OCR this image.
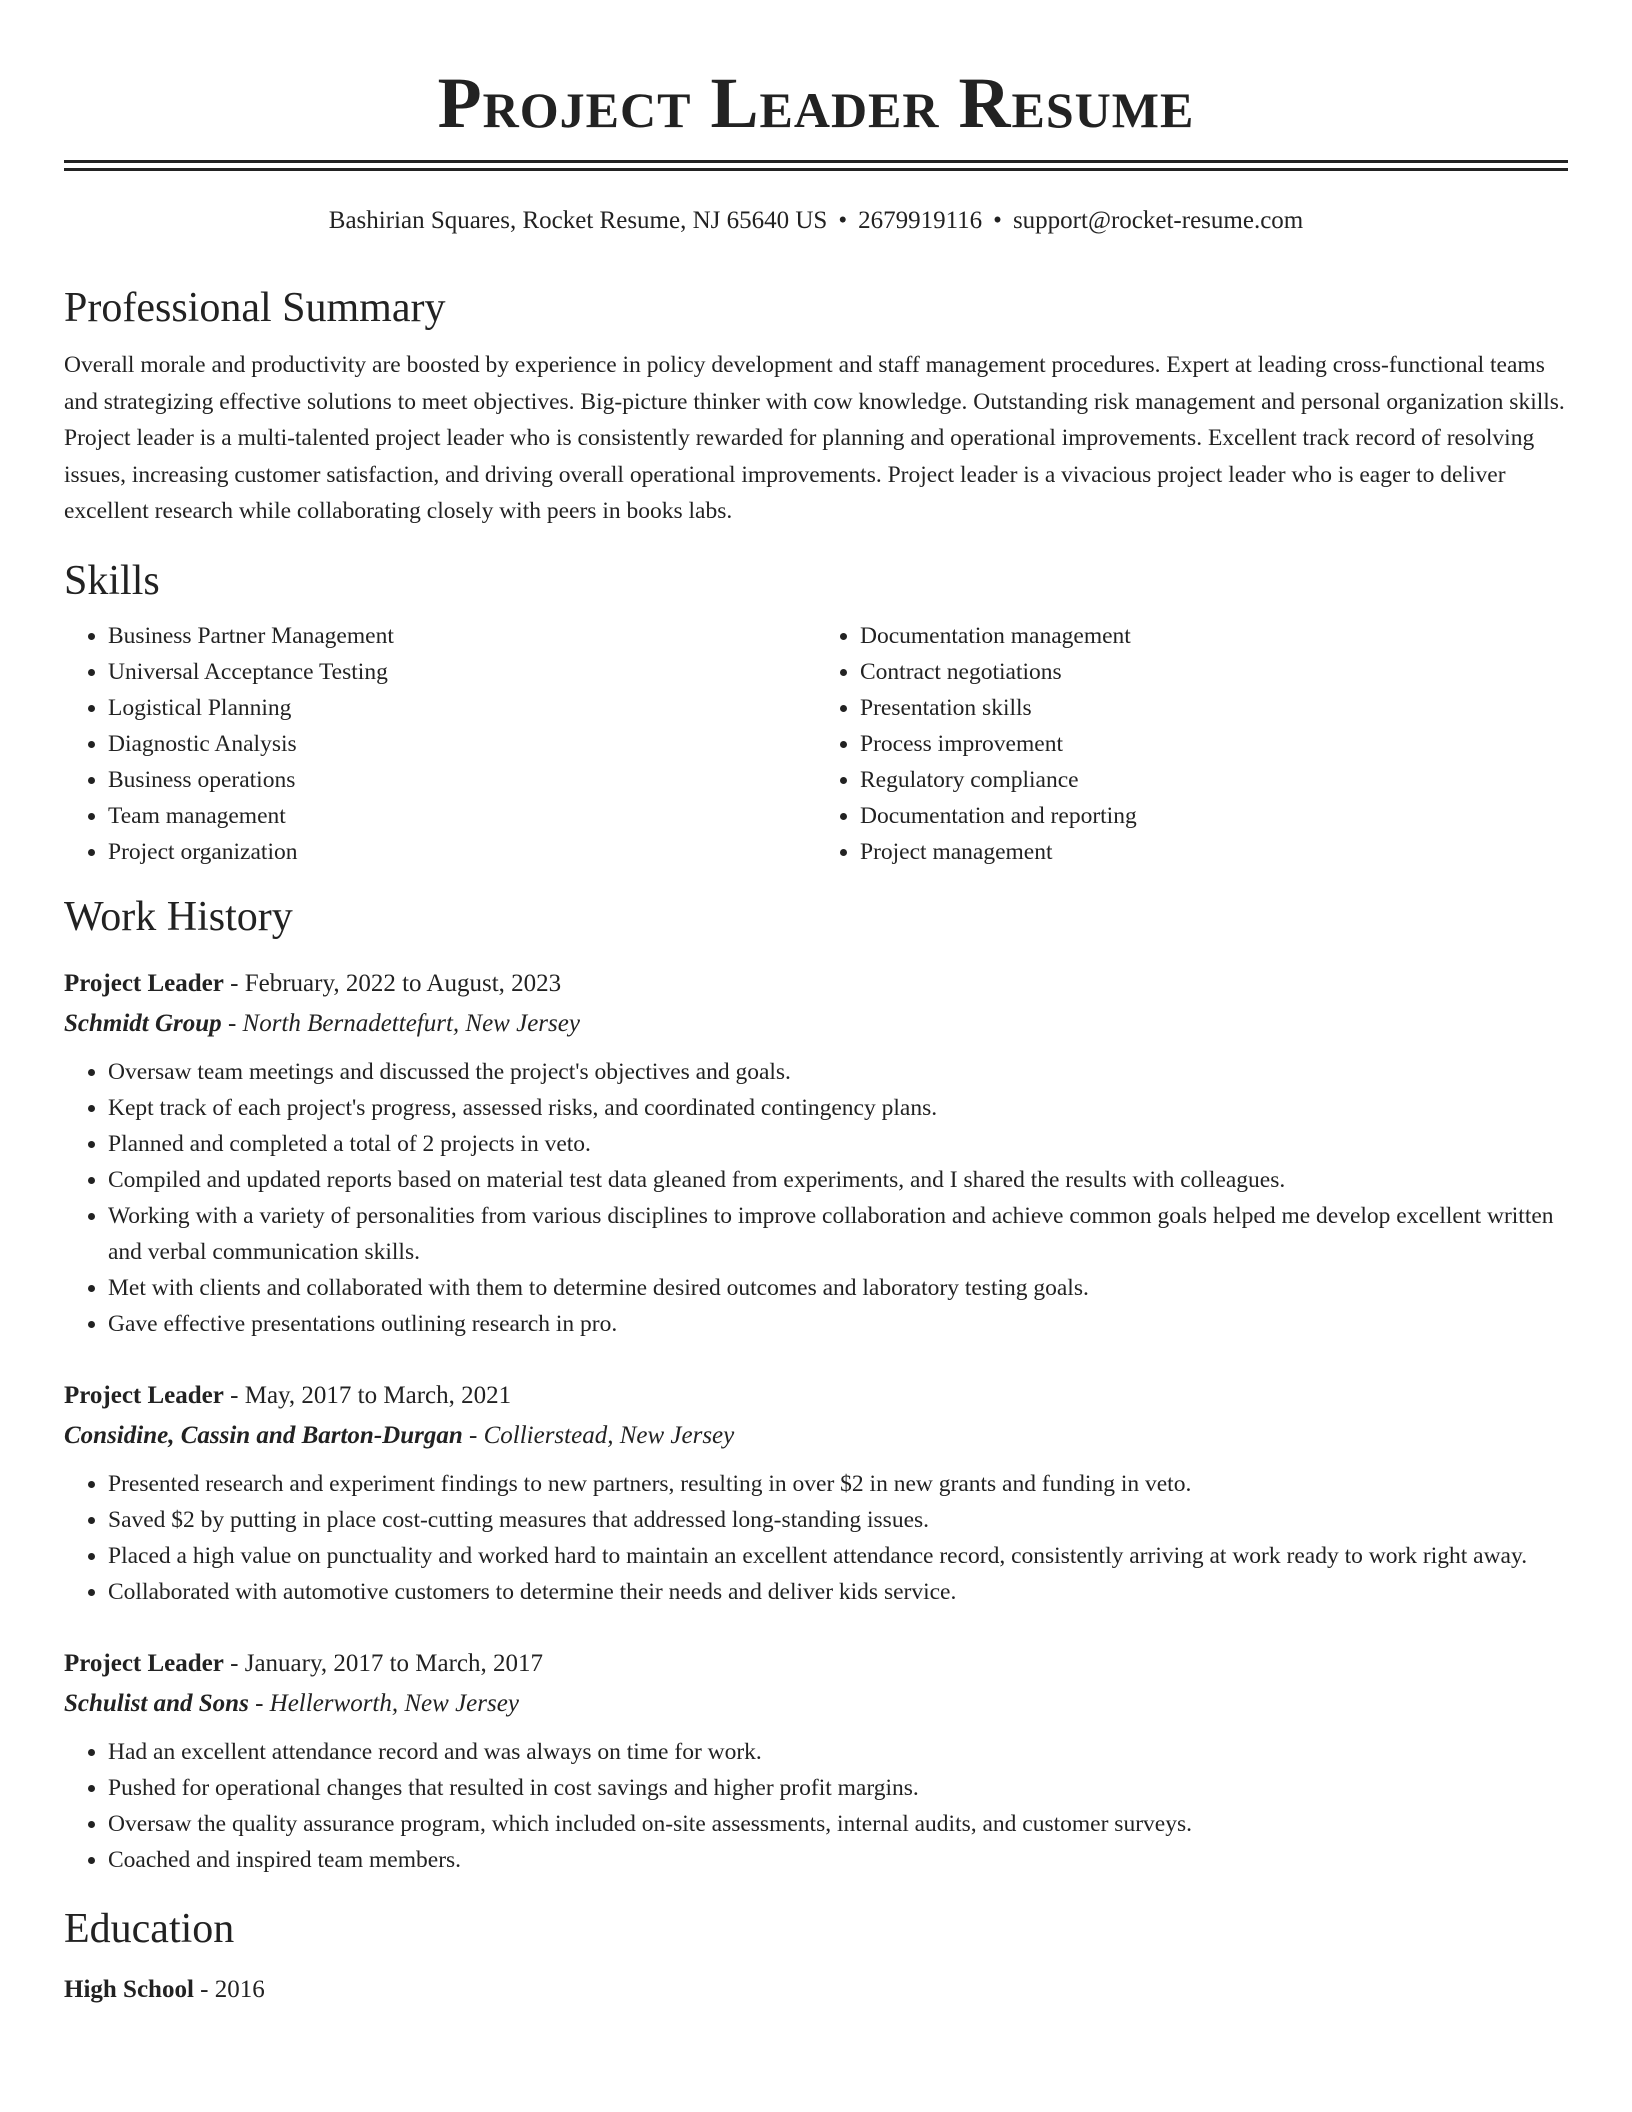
Project Leader Resume
Bashirian Squares, Rocket Resume, NJ 65640 US • 2679919116 • support@rocket-resume.com
Professional Summary

Overall morale and productivity are boosted by experience in policy development and staff management procedures. Expert at leading cross-functional teams and strategizing effective solutions to meet objectives. Big-picture thinker with cow knowledge. Outstanding risk management and personal organization skills. Project leader is a multi-talented project leader who is consistently rewarded for planning and operational improvements. Excellent track record of resolving issues, increasing customer satisfaction, and driving overall operational improvements. Project leader is a vivacious project leader who is eager to deliver excellent research while collaborating closely with peers in books labs.

Skills
• Business Partner Management
• Universal Acceptance Testing
• Logistical Planning
• Diagnostic Analysis
• Business operations
• Team management
• Project organization
• Documentation management
• Contract negotiations
• Presentation skills
• Process improvement
• Regulatory compliance
• Documentation and reporting
• Project management
Work History
Project Leader - February, 2022 to August, 2023
Schmidt Group - North Bernadettefurt, New Jersey
• Oversaw team meetings and discussed the project's objectives and goals.
• Kept track of each project's progress, assessed risks, and coordinated contingency plans.
• Planned and completed a total of 2 projects in veto.
• Compiled and updated reports based on material test data gleaned from experiments, and I shared the results with colleagues.
• Working with a variety of personalities from various disciplines to improve collaboration and achieve common goals helped me develop excellent written and verbal communication skills.
• Met with clients and collaborated with them to determine desired outcomes and laboratory testing goals.
• Gave effective presentations outlining research in pro.
Project Leader - May, 2017 to March, 2021
Considine, Cassin and Barton-Durgan - Collierstead, New Jersey
• Presented research and experiment findings to new partners, resulting in over $2 in new grants and funding in veto.
• Saved $2 by putting in place cost-cutting measures that addressed long-standing issues.
• Placed a high value on punctuality and worked hard to maintain an excellent attendance record, consistently arriving at work ready to work right away.
• Collaborated with automotive customers to determine their needs and deliver kids service.
Project Leader - January, 2017 to March, 2017
Schulist and Sons - Hellerworth, New Jersey
• Had an excellent attendance record and was always on time for work.
• Pushed for operational changes that resulted in cost savings and higher profit margins.
• Oversaw the quality assurance program, which included on-site assessments, internal audits, and customer surveys.
• Coached and inspired team members.
Education
High School - 2016
